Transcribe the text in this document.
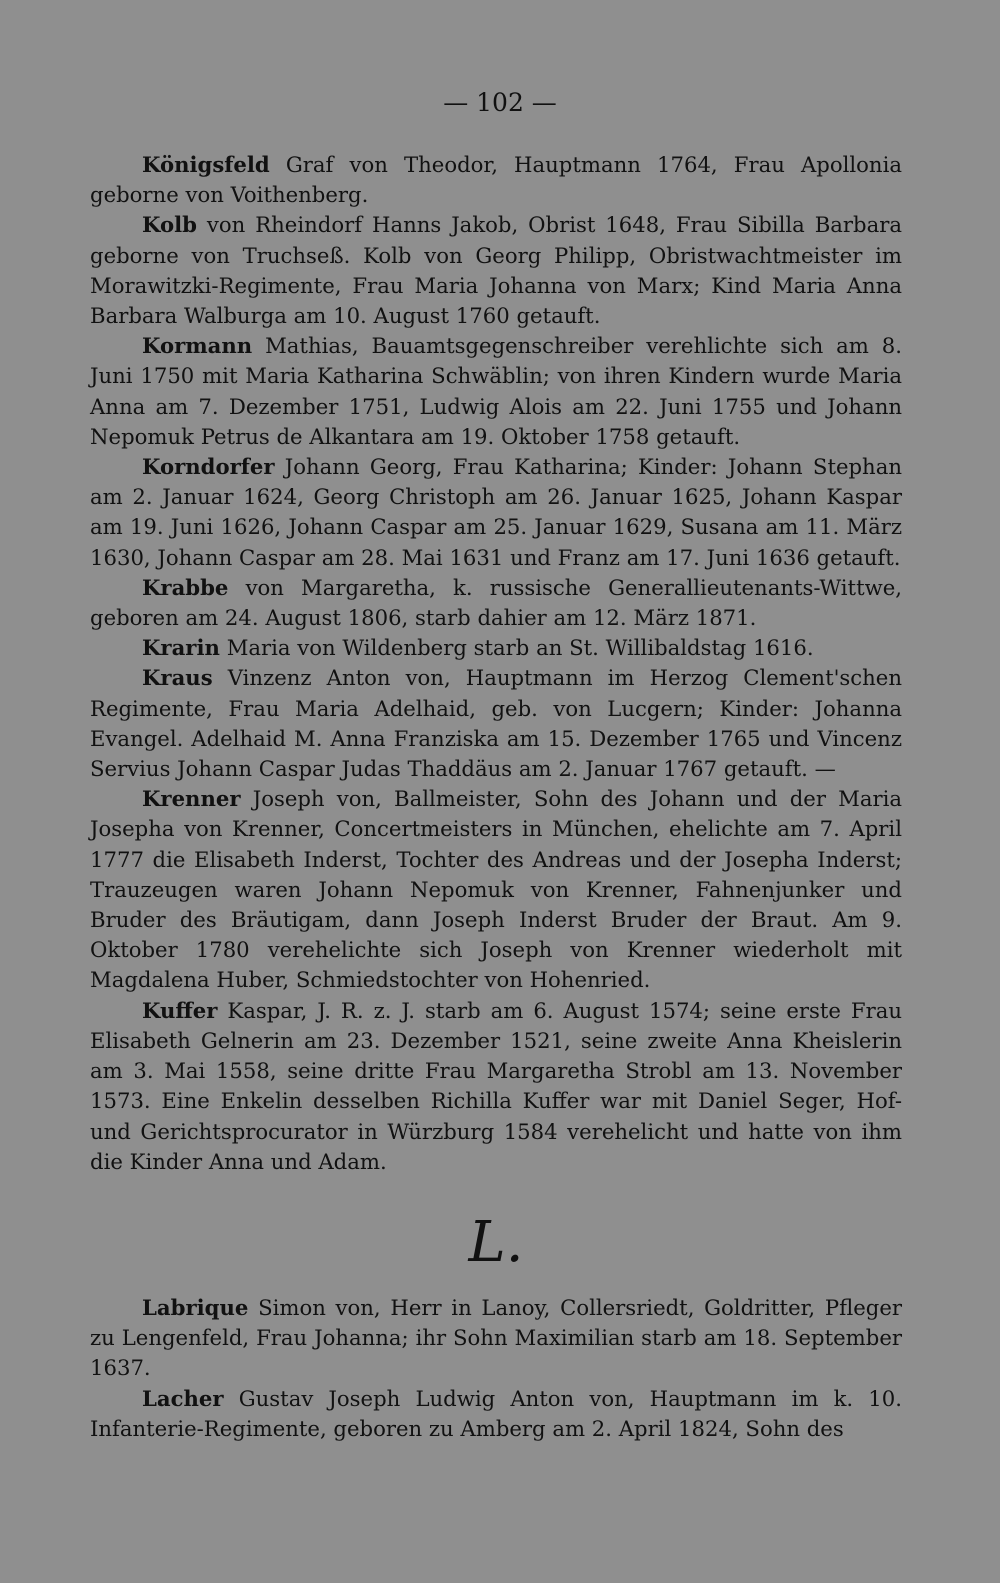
— 102 —

Königsfeld Graf von Theodor, Hauptmann 1764, Frau Apollonia geborne von Voithenberg.

Kolb von Rheindorf Hanns Jakob, Obrist 1648, Frau Sibilla Barbara geborne von Truchseß. Kolb von Georg Philipp, Obristwachtmeister im Morawitzki-Regimente, Frau Maria Johanna von Marx; Kind Maria Anna Barbara Walburga am 10. August 1760 getauft.

Kormann Mathias, Bauamtsgegenschreiber verehlichte sich am 8. Juni 1750 mit Maria Katharina Schwäblin; von ihren Kindern wurde Maria Anna am 7. Dezember 1751, Ludwig Alois am 22. Juni 1755 und Johann Nepomuk Petrus de Alkantara am 19. Oktober 1758 getauft.

Korndorfer Johann Georg, Frau Katharina; Kinder: Johann Stephan am 2. Januar 1624, Georg Christoph am 26. Januar 1625, Johann Kaspar am 19. Juni 1626, Johann Caspar am 25. Januar 1629, Susana am 11. März 1630, Johann Caspar am 28. Mai 1631 und Franz am 17. Juni 1636 getauft.

Krabbe von Margaretha, k. russische Generallieutenants-Wittwe, geboren am 24. August 1806, starb dahier am 12. März 1871.

Krarin Maria von Wildenberg starb an St. Willibaldstag 1616.

Kraus Vinzenz Anton von, Hauptmann im Herzog Clement'schen Regimente, Frau Maria Adelhaid, geb. von Lucgern; Kinder: Johanna Evangel. Adelhaid M. Anna Franziska am 15. Dezember 1765 und Vincenz Servius Johann Caspar Judas Thaddäus am 2. Januar 1767 getauft. —

Krenner Joseph von, Ballmeister, Sohn des Johann und der Maria Josepha von Krenner, Concertmeisters in München, ehelichte am 7. April 1777 die Elisabeth Inderst, Tochter des Andreas und der Josepha Inderst; Trauzeugen waren Johann Nepomuk von Krenner, Fahnenjunker und Bruder des Bräutigam, dann Joseph Inderst Bruder der Braut. Am 9. Oktober 1780 verehelichte sich Joseph von Krenner wiederholt mit Magdalena Huber, Schmiedstochter von Hohenried.

Kuffer Kaspar, J. R. z. J. starb am 6. August 1574; seine erste Frau Elisabeth Gelnerin am 23. Dezember 1521, seine zweite Anna Kheislerin am 3. Mai 1558, seine dritte Frau Margaretha Strobl am 13. November 1573. Eine Enkelin desselben Richilla Kuffer war mit Daniel Seger, Hof- und Gerichtsprocurator in Würzburg 1584 verehelicht und hatte von ihm die Kinder Anna und Adam.

L.

Labrique Simon von, Herr in Lanoy, Collersriedt, Goldritter, Pfleger zu Lengenfeld, Frau Johanna; ihr Sohn Maximilian starb am 18. September 1637.

Lacher Gustav Joseph Ludwig Anton von, Hauptmann im k. 10. Infanterie-Regimente, geboren zu Amberg am 2. April 1824, Sohn des
